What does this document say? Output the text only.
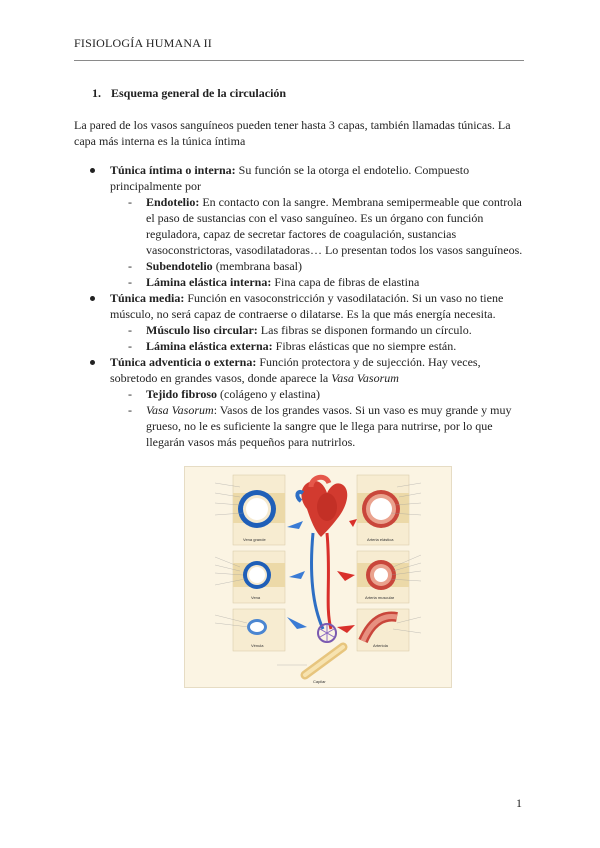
FISIOLOGÍA HUMANA II
1. Esquema general de la circulación
La pared de los vasos sanguíneos pueden tener hasta 3 capas, también llamadas túnicas. La capa más interna es la túnica íntima
Túnica íntima o interna: Su función se la otorga el endotelio. Compuesto principalmente por
- Endotelio: En contacto con la sangre. Membrana semipermeable que controla el paso de sustancias con el vaso sanguíneo. Es un órgano con función reguladora, capaz de secretar factores de coagulación, sustancias vasoconstrictoras, vasodilatadoras… Lo presentan todos los vasos sanguíneos.
- Subendotelio (membrana basal)
- Lámina elástica interna: Fina capa de fibras de elastina
Túnica media: Función en vasoconstricción y vasodilatación. Si un vaso no tiene músculo, no será capaz de contraerse o dilatarse. Es la que más energía necesita.
- Músculo liso circular: Las fibras se disponen formando un círculo.
- Lámina elástica externa: Fibras elásticas que no siempre están.
Túnica adventicia o externa: Función protectora y de sujección. Hay veces, sobretodo en grandes vasos, donde aparece la Vasa Vasorum
- Tejido fibroso (colágeno y elastina)
- Vasa Vasorum: Vasos de los grandes vasos. Si un vaso es muy grande y muy grueso, no le es suficiente la sangre que le llega para nutrirse, por lo que llegarán vasos más pequeños para nutrirlos.
Vena grande
Vena
Vénula
Arteria elástica
Arteria muscular
Arteriola
Capilar
1
